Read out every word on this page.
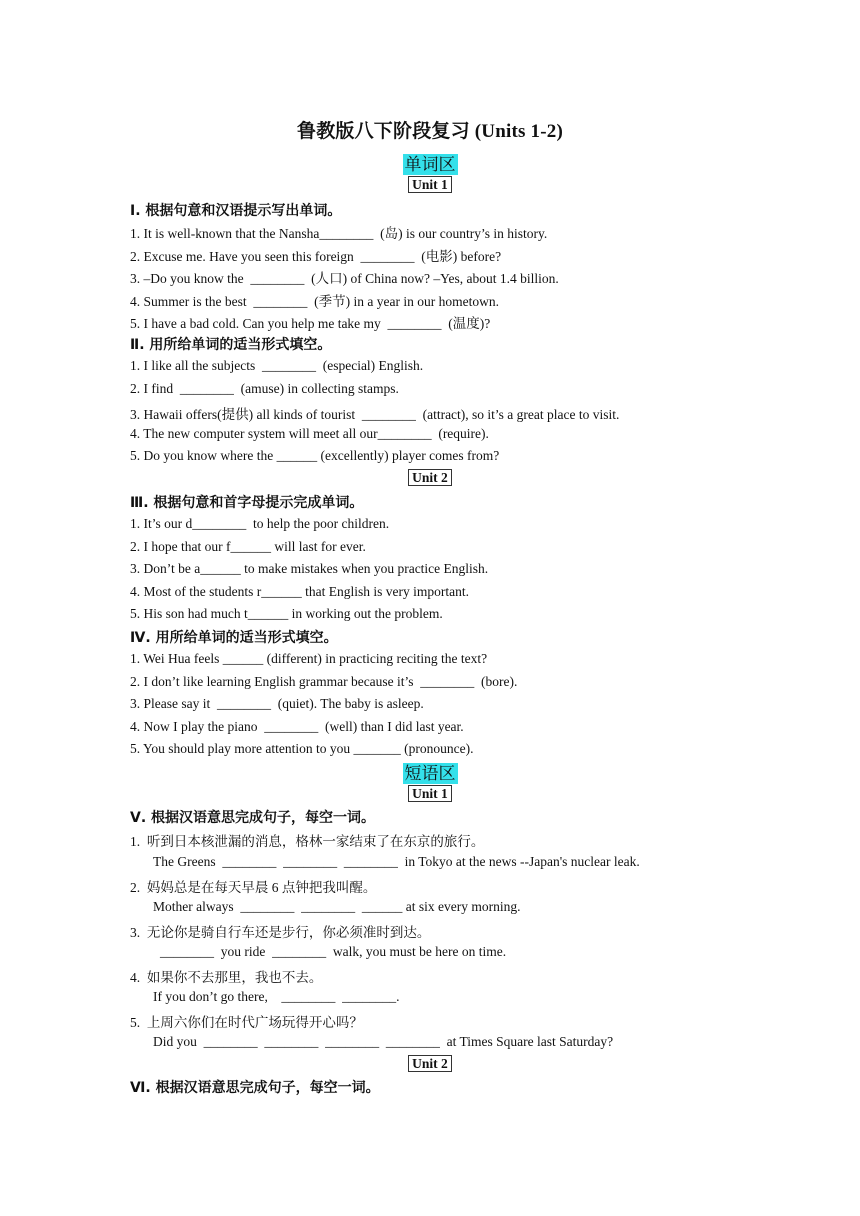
鲁教版八下阶段复习 (Units 1-2)
单词区
Unit 1
Ⅰ. 根据句意和汉语提示写出单词。
1. It is well-known that the Nansha________  (岛) is our country’s in history.
2. Excuse me. Have you seen this foreign  ________  (电影) before?
3. –Do you know the  ________  (人口) of China now? –Yes, about 1.4 billion.
4. Summer is the best  ________  (季节) in a year in our hometown.
5. I have a bad cold. Can you help me take my  ________  (温度)?
Ⅱ. 用所给单词的适当形式填空。
1. I like all the subjects  ________  (especial) English.
2. I find  ________  (amuse) in collecting stamps.
3. Hawaii offers(提供) all kinds of tourist  ________  (attract), so it’s a great place to visit.
4. The new computer system will meet all our________  (require).
5. Do you know where the ______ (excellently) player comes from?
Unit 2
Ⅲ. 根据句意和首字母提示完成单词。
1. It’s our d________  to help the poor children.
2. I hope that our f______ will last for ever.
3. Don’t be a______ to make mistakes when you practice English.
4. Most of the students r______ that English is very important.
5. His son had much t______ in working out the problem.
Ⅳ. 用所给单词的适当形式填空。
1. Wei Hua feels ______ (different) in practicing reciting the text?
2. I don’t like learning English grammar because it’s  ________  (bore).
3. Please say it  ________  (quiet). The baby is asleep.
4. Now I play the piano  ________  (well) than I did last year.
5. You should play more attention to you _______ (pronounce).
短语区
Unit 1
Ⅴ. 根据汉语意思完成句子，每空一词。
1.  听到日本核泄漏的消息，格林一家结束了在东京的旅行。
The Greens  ________  ________  ________  in Tokyo at the news --Japan's nuclear leak.
2.  妈妈总是在每天早晨 6 点钟把我叫醒。
Mother always  ________  ________  ______ at six every morning.
3.  无论你是骑自行车还是步行，你必须准时到达。
________  you ride  ________  walk, you must be here on time.
4.  如果你不去那里，我也不去。
If you don’t go there,    ________  ________.
5.  上周六你们在时代广场玩得开心吗？
Did you  ________  ________  ________  ________  at Times Square last Saturday?
Unit 2
Ⅵ. 根据汉语意思完成句子，每空一词。
